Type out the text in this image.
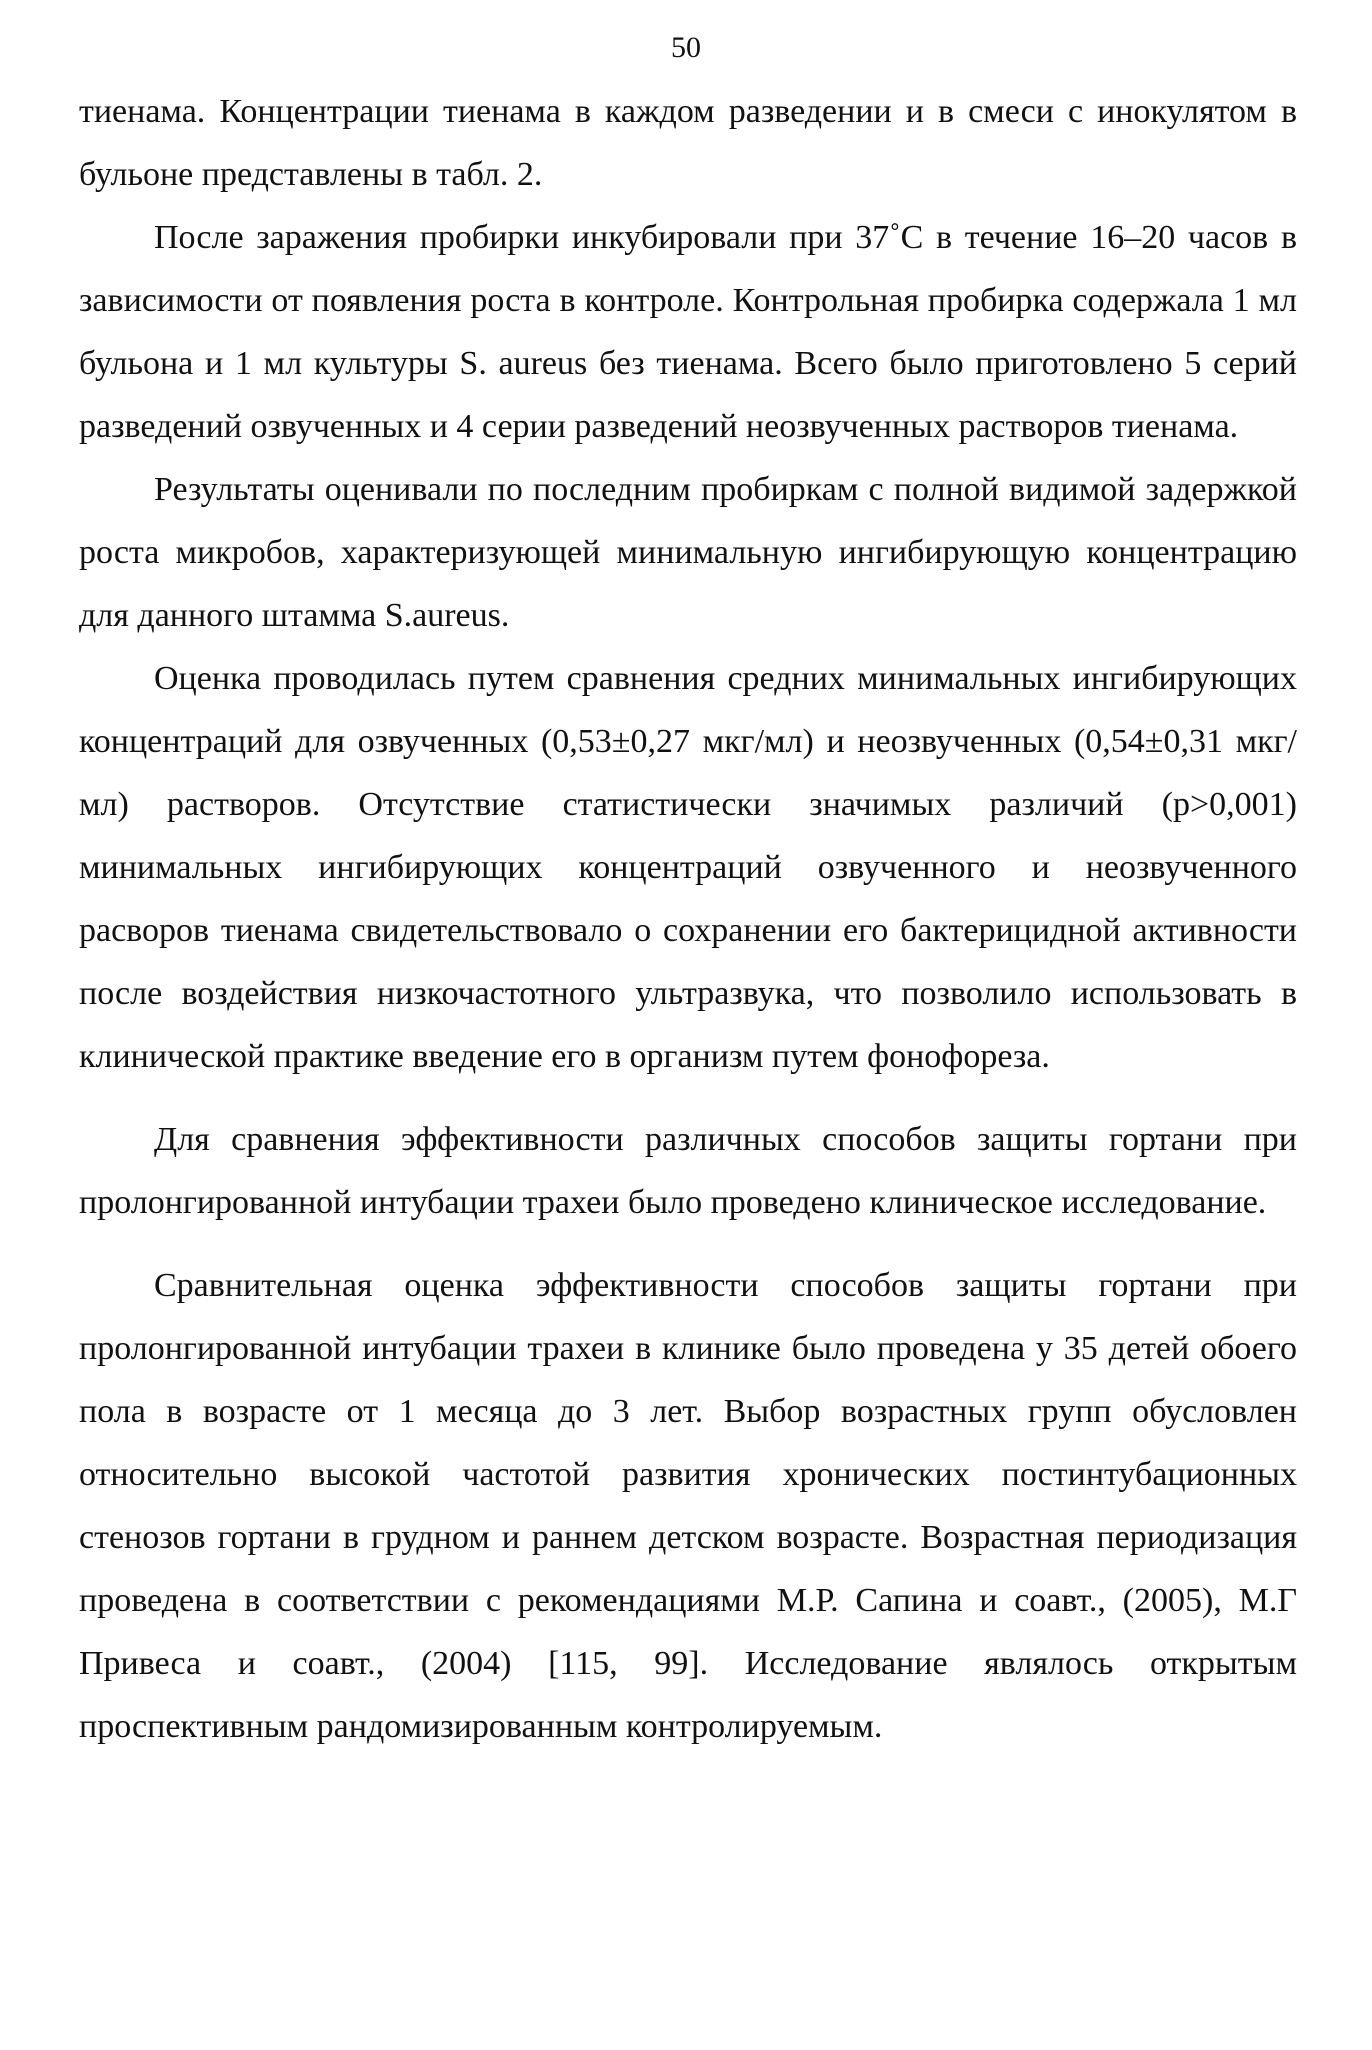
50

тиенама. Концентрации тиенама в каждом разведении и в смеси с инокулятом в бульоне представлены в табл. 2.

После заражения пробирки инкубировали при 37˚С в течение 16–20 часов в зависимости от появления роста в контроле. Контрольная пробирка содержала 1 мл бульона и 1 мл культуры S. aureus без тиенама. Всего было приготовлено 5 серий разведений озвученных и 4 серии разведений неозвученных растворов тиенама.

Результаты оценивали по последним пробиркам с полной видимой задержкой роста микробов, характеризующей минимальную ингибирующую концентрацию для данного штамма S.aureus.

Оценка проводилась путем сравнения средних минимальных ингибирующих концентраций для озвученных (0,53±0,27 мкг/мл) и неозвученных (0,54±0,31 мкг/мл) растворов. Отсутствие статистически значимых различий (р>0,001) минимальных ингибирующих концентраций озвученного и неозвученного расворов тиенама свидетельствовало о сохранении его бактерицидной активности после воздействия низкочастотного ультразвука, что позволило использовать в клинической практике введение его в организм путем фонофореза.

Для сравнения эффективности различных способов защиты гортани при пролонгированной интубации трахеи было проведено клиническое исследование.

Сравнительная оценка эффективности способов защиты гортани при пролонгированной интубации трахеи в клинике было проведена у 35 детей обоего пола в возрасте от 1 месяца до 3 лет. Выбор возрастных групп обусловлен относительно высокой частотой развития хронических постинтубационных стенозов гортани в грудном и раннем детском возрасте. Возрастная периодизация проведена в соответствии с рекомендациями М.Р. Сапина и соавт., (2005), М.Г Привеса и соавт., (2004) [115, 99]. Исследование являлось открытым проспективным рандомизированным контролируемым.
